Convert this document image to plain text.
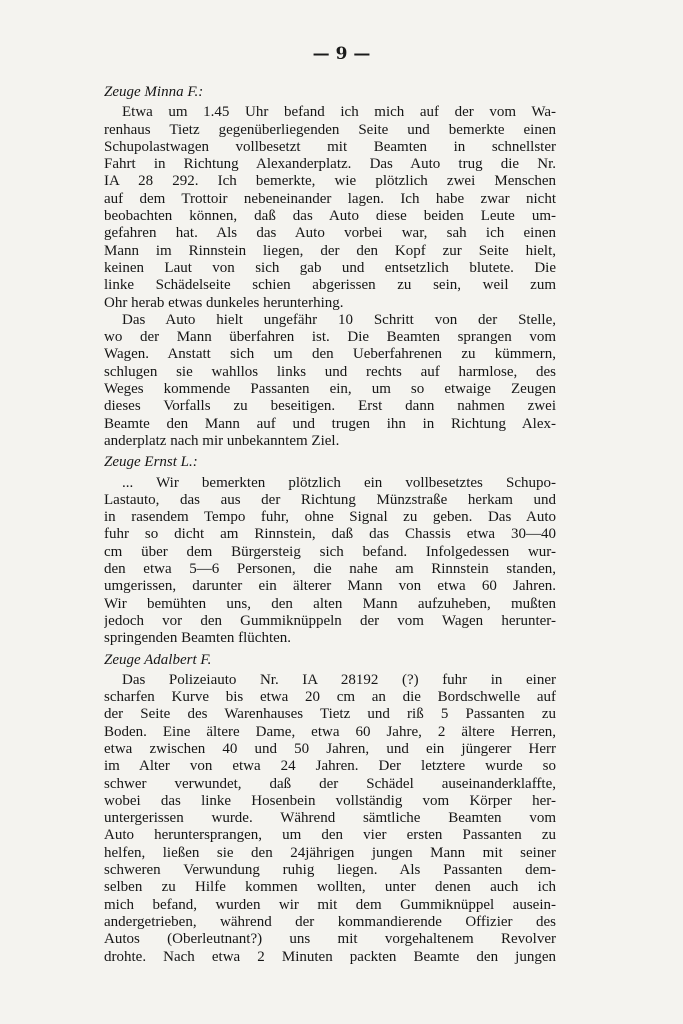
— 9 —
Zeuge Minna F.:
Etwa um 1.45 Uhr befand ich mich auf der vom Wa-
renhaus Tietz gegenüberliegenden Seite und bemerkte einen
Schupolastwagen vollbesetzt mit Beamten in schnellster
Fahrt in Richtung Alexanderplatz. Das Auto trug die Nr.
IA 28 292. Ich bemerkte, wie plötzlich zwei Menschen
auf dem Trottoir nebeneinander lagen. Ich habe zwar nicht
beobachten können, daß das Auto diese beiden Leute um-
gefahren hat. Als das Auto vorbei war, sah ich einen
Mann im Rinnstein liegen, der den Kopf zur Seite hielt,
keinen Laut von sich gab und entsetzlich blutete. Die
linke Schädelseite schien abgerissen zu sein, weil zum
Ohr herab etwas dunkeles herunterhing.
Das Auto hielt ungefähr 10 Schritt von der Stelle,
wo der Mann überfahren ist. Die Beamten sprangen vom
Wagen. Anstatt sich um den Ueberfahrenen zu kümmern,
schlugen sie wahllos links und rechts auf harmlose, des
Weges kommende Passanten ein, um so etwaige Zeugen
dieses Vorfalls zu beseitigen. Erst dann nahmen zwei
Beamte den Mann auf und trugen ihn in Richtung Alex-
anderplatz nach mir unbekanntem Ziel.
Zeuge Ernst L.:
... Wir bemerkten plötzlich ein vollbesetztes Schupo-
Lastauto, das aus der Richtung Münzstraße herkam und
in rasendem Tempo fuhr, ohne Signal zu geben. Das Auto
fuhr so dicht am Rinnstein, daß das Chassis etwa 30—40
cm über dem Bürgersteig sich befand. Infolgedessen wur-
den etwa 5—6 Personen, die nahe am Rinnstein standen,
umgerissen, darunter ein älterer Mann von etwa 60 Jahren.
Wir bemühten uns, den alten Mann aufzuheben, mußten
jedoch vor den Gummiknüppeln der vom Wagen herunter-
springenden Beamten flüchten.
Zeuge Adalbert F.
Das Polizeiauto Nr. IA 28192 (?) fuhr in einer
scharfen Kurve bis etwa 20 cm an die Bordschwelle auf
der Seite des Warenhauses Tietz und riß 5 Passanten zu
Boden. Eine ältere Dame, etwa 60 Jahre, 2 ältere Herren,
etwa zwischen 40 und 50 Jahren, und ein jüngerer Herr
im Alter von etwa 24 Jahren. Der letztere wurde so
schwer verwundet, daß der Schädel auseinanderklaffte,
wobei das linke Hosenbein vollständig vom Körper her-
untergerissen wurde. Während sämtliche Beamten vom
Auto heruntersprangen, um den vier ersten Passanten zu
helfen, ließen sie den 24jährigen jungen Mann mit seiner
schweren Verwundung ruhig liegen. Als Passanten dem-
selben zu Hilfe kommen wollten, unter denen auch ich
mich befand, wurden wir mit dem Gummiknüppel ausein-
andergetrieben, während der kommandierende Offizier des
Autos (Oberleutnant?) uns mit vorgehaltenem Revolver
drohte. Nach etwa 2 Minuten packten Beamte den jungen
